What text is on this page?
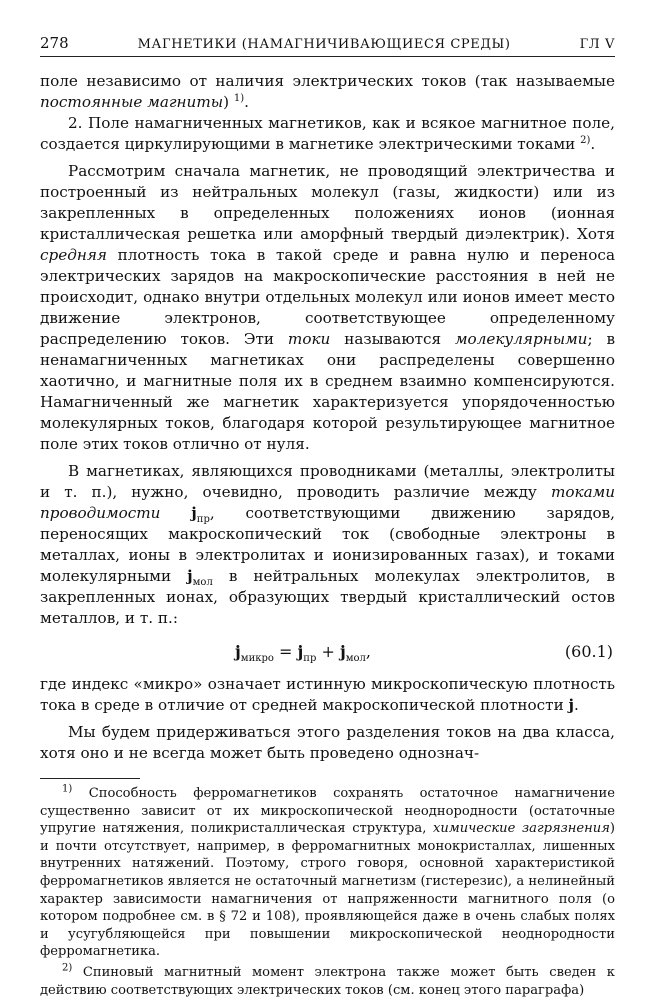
278	МАГНЕТИКИ (НАМАГНИЧИВАЮЩИЕСЯ СРЕДЫ)	ГЛ V

поле независимо от наличия электрических токов (так называемые постоянные магниты) $^{1)}$.

2. Поле намагниченных магнетиков, как и всякое магнитное поле, создается циркулирующими в магнетике электрическими токами $^{2)}$.

Рассмотрим сначала магнетик, не проводящий электричества и построенный из нейтральных молекул (газы, жидкости) или из закрепленных в определенных положениях ионов (ионная кристаллическая решетка или аморфный твердый диэлектрик). Хотя средняя плотность тока в такой среде и равна нулю и переноса электрических зарядов на макроскопические расстояния в ней не происходит, однако внутри отдельных молекул или ионов имеет место движение электронов, соответствующее определенному распределению токов. Эти токи называются молекулярными; в ненамагниченных магнетиках они распределены совершенно хаотично, и магнитные поля их в среднем взаимно компенсируются. Намагниченный же магнетик характеризуется упорядоченностью молекулярных токов, благодаря которой результирующее магнитное поле этих токов отлично от нуля.

В магнетиках, являющихся проводниками (металлы, электролиты и т. п.), нужно, очевидно, проводить различие между токами проводимости $j_{пр}$, соответствующими движению зарядов, переносящих макроскопический ток (свободные электроны в металлах, ионы в электролитах и ионизированных газах), и токами молекулярными $j_{мол}$ в нейтральных молекулах электролитов, в закрепленных ионах, образующих твердый кристаллический остов металлов, и т. п.:

$j_{микро} = j_{пр} + j_{мол}$,	(60.1)

где индекс «микро» означает истинную микроскопическую плотность тока в среде в отличие от средней макроскопической плотности j.

Мы будем придерживаться этого разделения токов на два класса, хотя оно и не всегда может быть проведено однознач-

$^{1)}$ Способность ферромагнетиков сохранять остаточное намагничение существенно зависит от их микроскопической неоднородности (остаточные упругие натяжения, поликристаллическая структура, химические загрязнения) и почти отсутствует, например, в ферромагнитных монокристаллах, лишенных внутренних натяжений. Поэтому, строго говоря, основной характеристикой ферромагнетиков является не остаточный магнетизм (гистерезис), а нелинейный характер зависимости намагничения от напряженности магнитного поля (о котором подробнее см. в § 72 и 108), проявляющейся даже в очень слабых полях и усугубляющейся при повышении микроскопической неоднородности ферромагнетика.

$^{2)}$ Спиновый магнитный момент электрона также может быть сведен к действию соответствующих электрических токов (см. конец этого параграфа)
